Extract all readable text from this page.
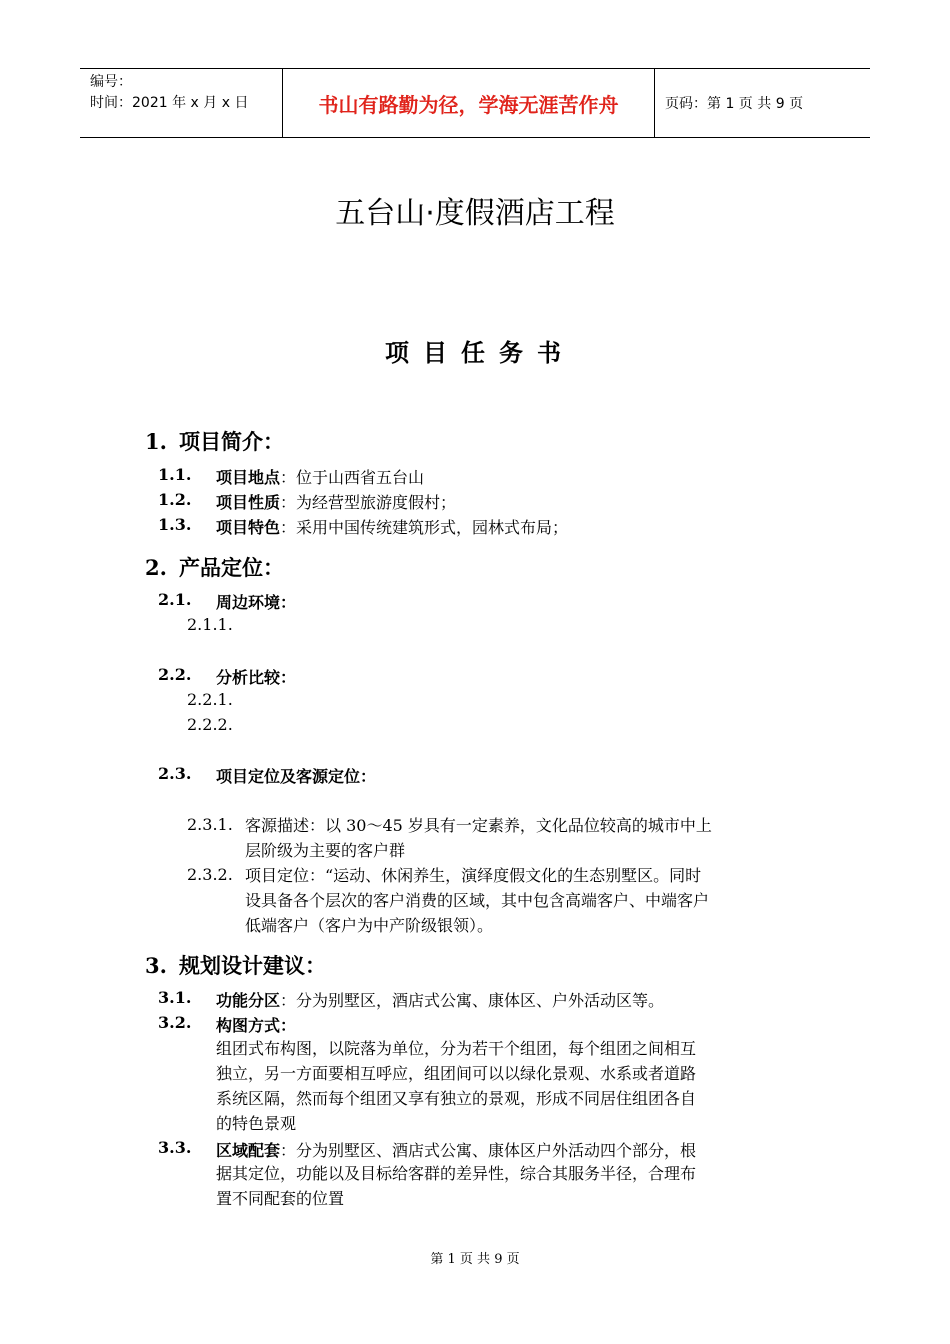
编号：
时间：2021 年 x 月 x 日	书山有路勤为径，学海无涯苦作舟	页码：第 1 页 共 9 页
五台山·度假酒店工程
项目任务书
1. 项目简介：
1.1. 项目地点：位于山西省五台山
1.2. 项目性质：为经营型旅游度假村；
1.3. 项目特色：采用中国传统建筑形式，园林式布局；
2. 产品定位：
2.1. 周边环境：
2.1.1.
2.2. 分析比较：
2.2.1.
2.2.2.
2.3. 项目定位及客源定位：
2.3.1. 客源描述：以 30～45 岁具有一定素养，文化品位较高的城市中上
层阶级为主要的客户群
2.3.2. 项目定位：“运动、休闲养生，演绎度假文化的生态别墅区。同时
设具备各个层次的客户消费的区域，其中包含高端客户、中端客户
低端客户（客户为中产阶级银领）。
3. 规划设计建议：
3.1. 功能分区：分为别墅区，酒店式公寓、康体区、户外活动区等。
3.2. 构图方式：
组团式布构图，以院落为单位，分为若干个组团，每个组团之间相互
独立，另一方面要相互呼应，组团间可以以绿化景观、水系或者道路
系统区隔，然而每个组团又享有独立的景观，形成不同居住组团各自
的特色景观
3.3. 区域配套：分为别墅区、酒店式公寓、康体区户外活动四个部分，根
据其定位，功能以及目标给客群的差异性，综合其服务半径，合理布
置不同配套的位置
第 1 页 共 9 页
